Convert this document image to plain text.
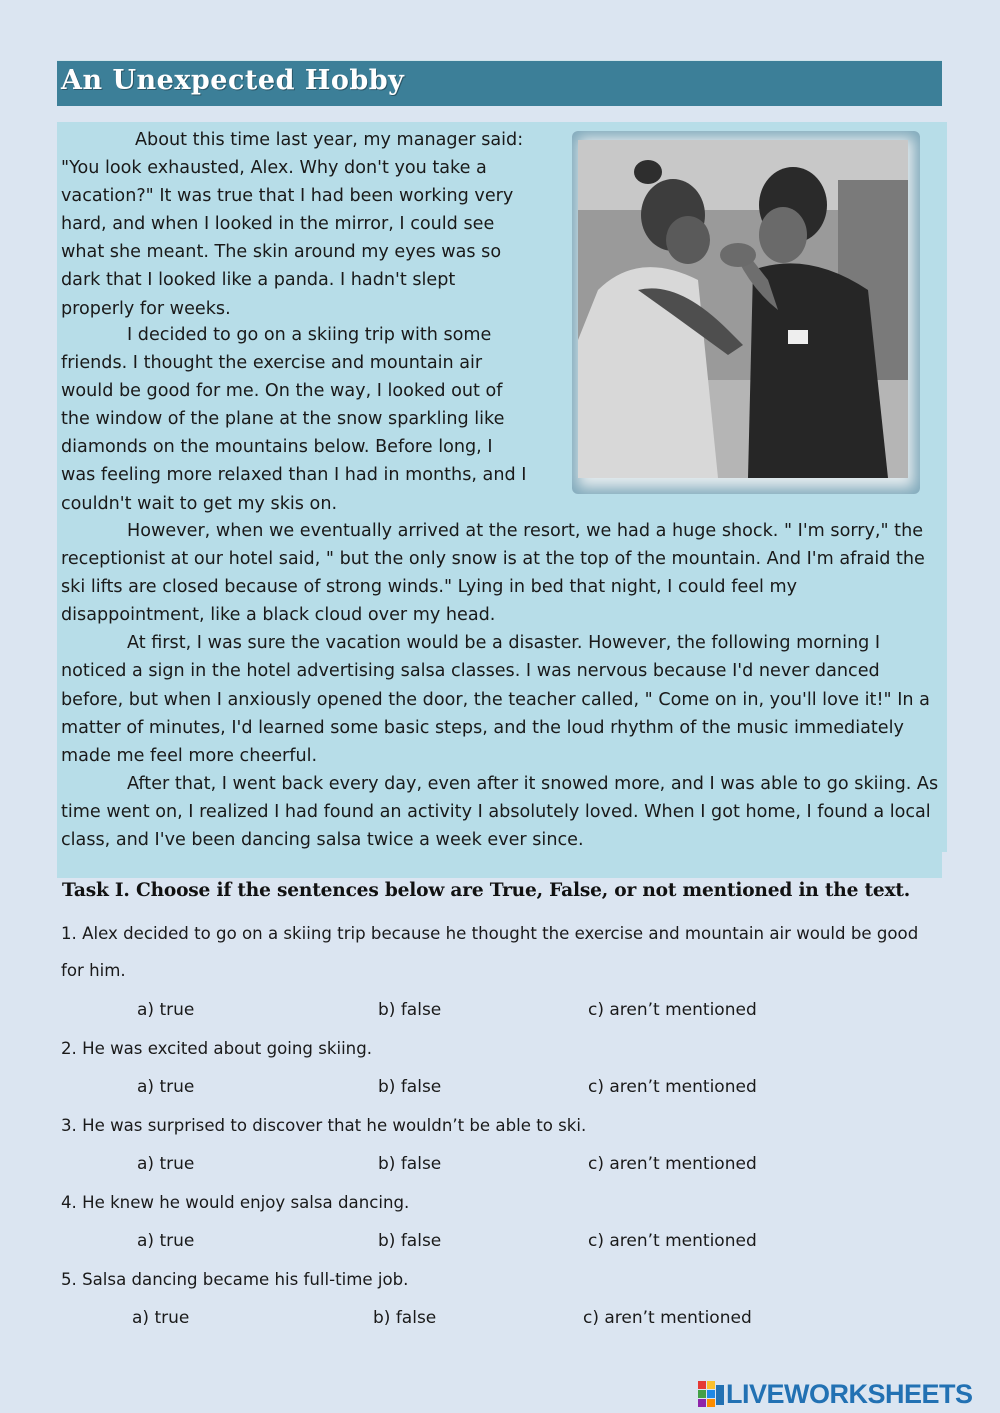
An Unexpected Hobby

About this time last year, my manager said: "You look exhausted, Alex. Why don't you take a vacation?" It was true that I had been working very hard, and when I looked in the mirror, I could see what she meant. The skin around my eyes was so dark that I looked like a panda. I hadn't slept properly for weeks.

I decided to go on a skiing trip with some friends. I thought the exercise and mountain air would be good for me. On the way, I looked out of the window of the plane at the snow sparkling like diamonds on the mountains below. Before long, I was feeling more relaxed than I had in months, and I couldn't wait to get my skis on.

However, when we eventually arrived at the resort, we had a huge shock. " I'm sorry," the receptionist at our hotel said, " but the only snow is at the top of the mountain. And I'm afraid the ski lifts are closed because of strong winds." Lying in bed that night, I could feel my disappointment, like a black cloud over my head.

At first, I was sure the vacation would be a disaster. However, the following morning I noticed a sign in the hotel advertising salsa classes. I was nervous because I'd never danced before, but when I anxiously opened the door, the teacher called, " Come on in, you'll love it!" In a matter of minutes, I'd learned some basic steps, and the loud rhythm of the music immediately made me feel more cheerful.

After that, I went back every day, even after it snowed more, and I was able to go skiing. As time went on, I realized I had found an activity I absolutely loved. When I got home, I found a local class, and I've been dancing salsa twice a week ever since.

Task I. Choose if the sentences below are True, False, or not mentioned in the text.
1. Alex decided to go on a skiing trip because he thought the exercise and mountain air would be good
for him.
a) true	b) false	c) aren’t mentioned
2. He was excited about going skiing.
a) true	b) false	c) aren’t mentioned
3. He was surprised to discover that he wouldn’t be able to ski.
a) true	b) false	c) aren’t mentioned
4. He knew he would enjoy salsa dancing.
a) true	b) false	c) aren’t mentioned
5. Salsa dancing became his full-time job.
a) true	b) false	c) aren’t mentioned
LIVEWORKSHEETS
